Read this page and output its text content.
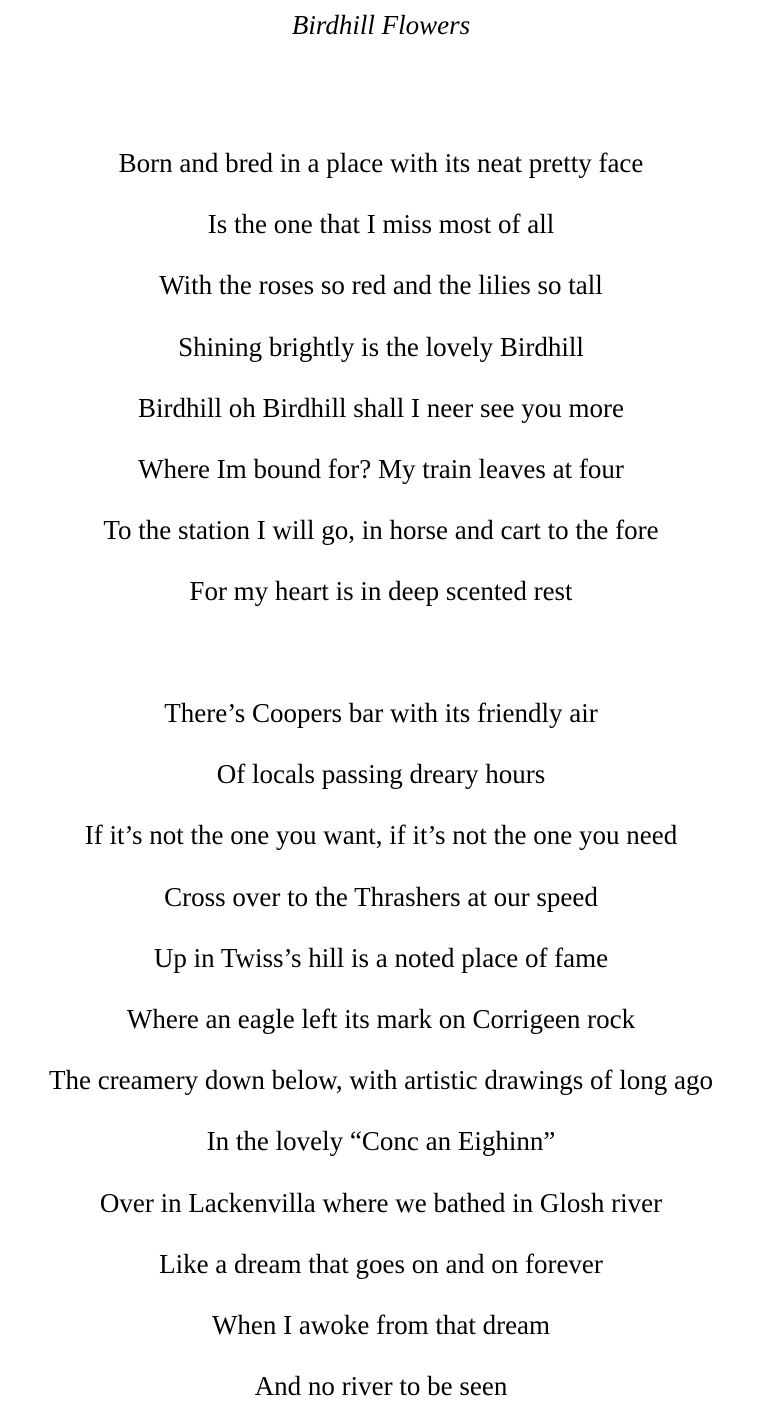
Birdhill Flowers
Born and bred in a place with its neat pretty face
Is the one that I miss most of all
With the roses so red and the lilies so tall
Shining brightly is the lovely Birdhill
Birdhill oh Birdhill shall I neer see you more
Where Im bound for? My train leaves at four
To the station I will go, in horse and cart to the fore
For my heart is in deep scented rest
There’s Coopers bar with its friendly air
Of locals passing dreary hours
If it’s not the one you want, if it’s not the one you need
Cross over to the Thrashers at our speed
Up in Twiss’s hill is a noted place of fame
Where an eagle left its mark on Corrigeen rock
The creamery down below, with artistic drawings of long ago
In the lovely “Conc an Eighinn”
Over in Lackenvilla where we bathed in Glosh river
Like a dream that goes on and on forever
When I awoke from that dream
And no river to be seen
